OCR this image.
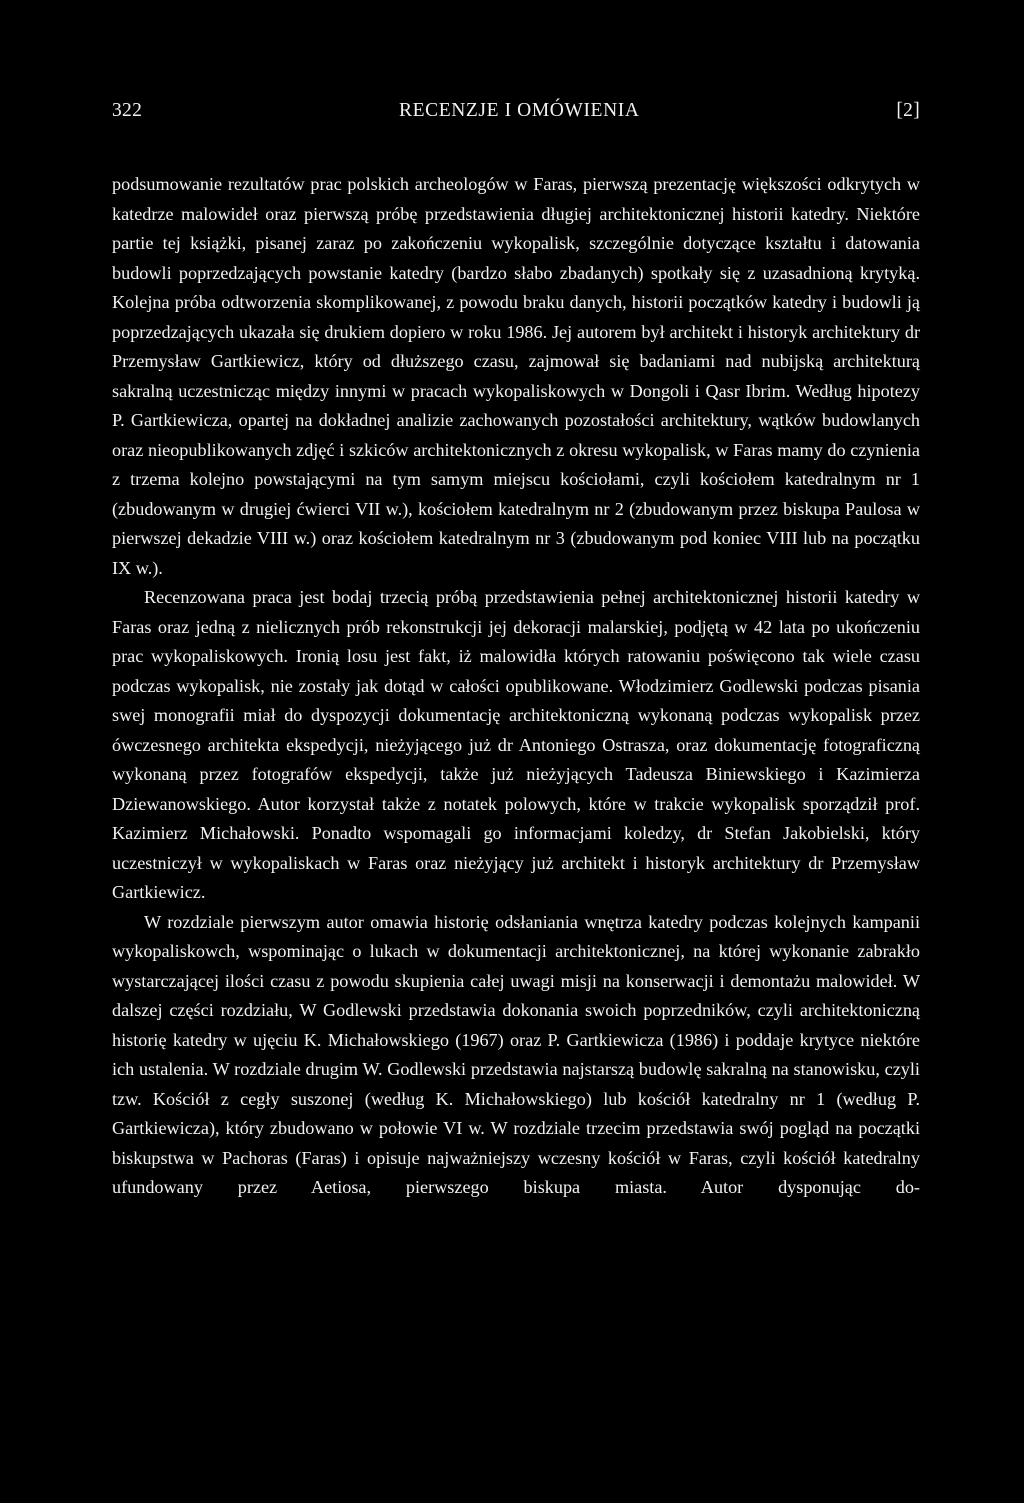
322	RECENZJE I OMÓWIENIA	[2]

podsumowanie rezultatów prac polskich archeologów w Faras, pierwszą prezentację większości odkrytych w katedrze malowideł oraz pierwszą próbę przedstawienia długiej architektonicznej historii katedry. Niektóre partie tej książki, pisanej zaraz po zakończeniu wykopalisk, szczególnie dotyczące kształtu i datowania budowli poprzedzających powstanie katedry (bardzo słabo zbadanych) spotkały się z uzasadnioną krytyką. Kolejna próba odtworzenia skomplikowanej, z powodu braku danych, historii początków katedry i budowli ją poprzedzających ukazała się drukiem dopiero w roku 1986. Jej autorem był architekt i historyk architektury dr Przemysław Gartkiewicz, który od dłuższego czasu, zajmował się badaniami nad nubijską architekturą sakralną uczestnicząc między innymi w pracach wykopaliskowych w Dongoli i Qasr Ibrim. Według hipotezy P. Gartkiewicza, opartej na dokładnej analizie zachowanych pozostałości architektury, wątków budowlanych oraz nieopublikowanych zdjęć i szkiców architektonicznych z okresu wykopalisk, w Faras mamy do czynienia z trzema kolejno powstającymi na tym samym miejscu kościołami, czyli kościołem katedralnym nr 1 (zbudowanym w drugiej ćwierci VII w.), kościołem katedralnym nr 2 (zbudowanym przez biskupa Paulosa w pierwszej dekadzie VIII w.) oraz kościołem katedralnym nr 3 (zbudowanym pod koniec VIII lub na początku IX w.).

Recenzowana praca jest bodaj trzecią próbą przedstawienia pełnej architektonicznej historii katedry w Faras oraz jedną z nielicznych prób rekonstrukcji jej dekoracji malarskiej, podjętą w 42 lata po ukończeniu prac wykopaliskowych. Ironią losu jest fakt, iż malowidła których ratowaniu poświęcono tak wiele czasu podczas wykopalisk, nie zostały jak dotąd w całości opublikowane. Włodzimierz Godlewski podczas pisania swej monografii miał do dyspozycji dokumentację architektoniczną wykonaną podczas wykopalisk przez ówczesnego architekta ekspedycji, nieżyjącego już dr Antoniego Ostrasza, oraz dokumentację fotograficzną wykonaną przez fotografów ekspedycji, także już nieżyjących Tadeusza Biniewskiego i Kazimierza Dziewanowskiego. Autor korzystał także z notatek polowych, które w trakcie wykopalisk sporządził prof. Kazimierz Michałowski. Ponadto wspomagali go informacjami koledzy, dr Stefan Jakobielski, który uczestniczył w wykopaliskach w Faras oraz nieżyjący już architekt i historyk architektury dr Przemysław Gartkiewicz.

W rozdziale pierwszym autor omawia historię odsłaniania wnętrza katedry podczas kolejnych kampanii wykopaliskowch, wspominając o lukach w dokumentacji architektonicznej, na której wykonanie zabrakło wystarczającej ilości czasu z powodu skupienia całej uwagi misji na konserwacji i demontażu malowideł. W dalszej części rozdziału, W Godlewski przedstawia dokonania swoich poprzedników, czyli architektoniczną historię katedry w ujęciu K. Michałowskiego (1967) oraz P. Gartkiewicza (1986) i poddaje krytyce niektóre ich ustalenia. W rozdziale drugim W. Godlewski przedstawia najstarszą budowlę sakralną na stanowisku, czyli tzw. Kościół z cegły suszonej (według K. Michałowskiego) lub kościół katedralny nr 1 (według P. Gartkiewicza), który zbudowano w połowie VI w. W rozdziale trzecim przedstawia swój pogląd na początki biskupstwa w Pachoras (Faras) i opisuje najważniejszy wczesny kościół w Faras, czyli kościół katedralny ufundowany przez Aetiosa, pierwszego biskupa miasta. Autor dysponując do-
